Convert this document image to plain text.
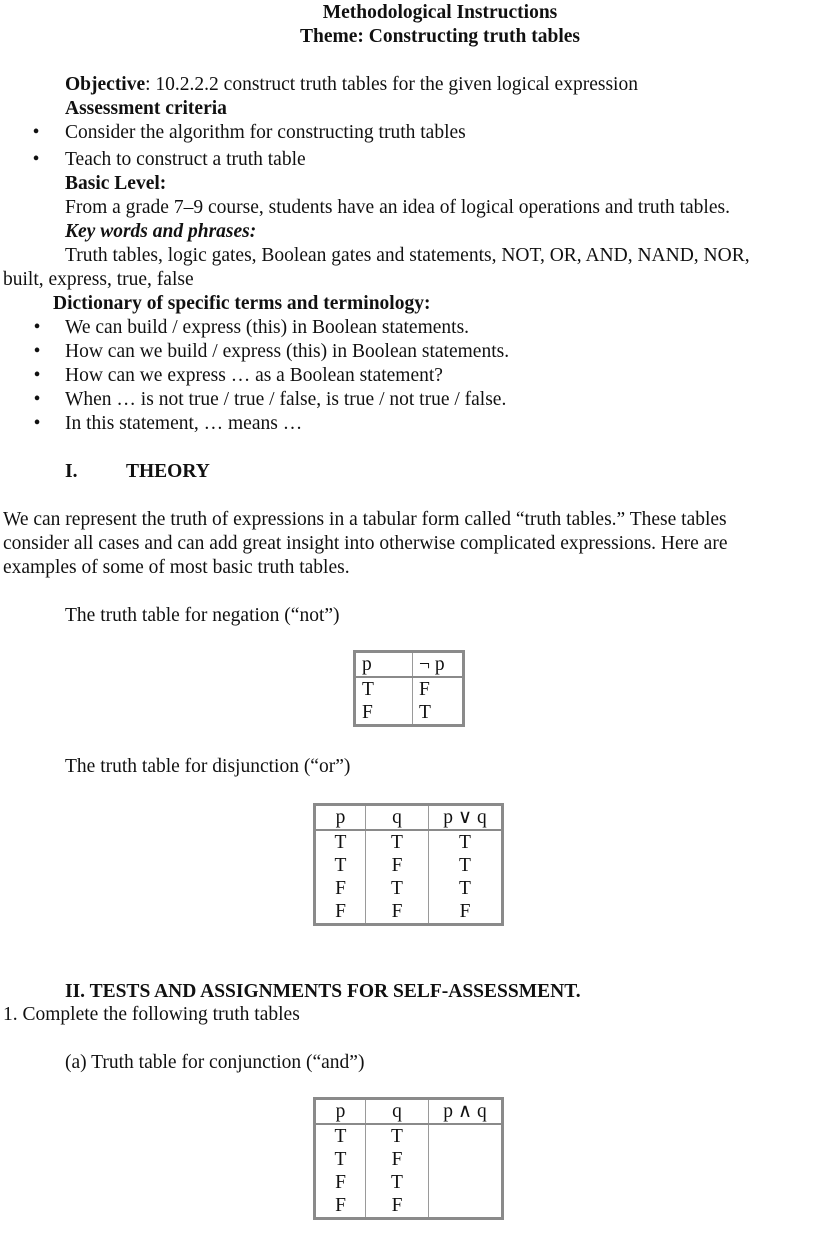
Methodological Instructions
Theme: Constructing truth tables
Objective: 10.2.2.2 construct truth tables for the given logical expression
Assessment criteria
• Consider the algorithm for constructing truth tables
• Teach to construct a truth table
Basic Level:
From a grade 7–9 course, students have an idea of logical operations and truth tables.
Key words and phrases:
Truth tables, logic gates, Boolean gates and statements, NOT, OR, AND, NAND, NOR,
built, express, true, false
Dictionary of specific terms and terminology:
• We can build / express (this) in Boolean statements.
• How can we build / express (this) in Boolean statements.
• How can we express … as a Boolean statement?
• When … is not true / true / false, is true / not true / false.
• In this statement, … means …
I. THEORY
We can represent the truth of expressions in a tabular form called “truth tables.” These tables
consider all cases and can add great insight into otherwise complicated expressions. Here are
examples of some of most basic truth tables.
The truth table for negation (“not”)
p	¬ p
T	F
F	T
The truth table for disjunction (“or”)
p	q	p ∨ q
T	T	T
T	F	T
F	T	T
F	F	F
II. TESTS AND ASSIGNMENTS FOR SELF-ASSESSMENT.
1. Complete the following truth tables
(a) Truth table for conjunction (“and”)
p	q	p ∧ q
T	T	
T	F	
F	T	
F	F	
